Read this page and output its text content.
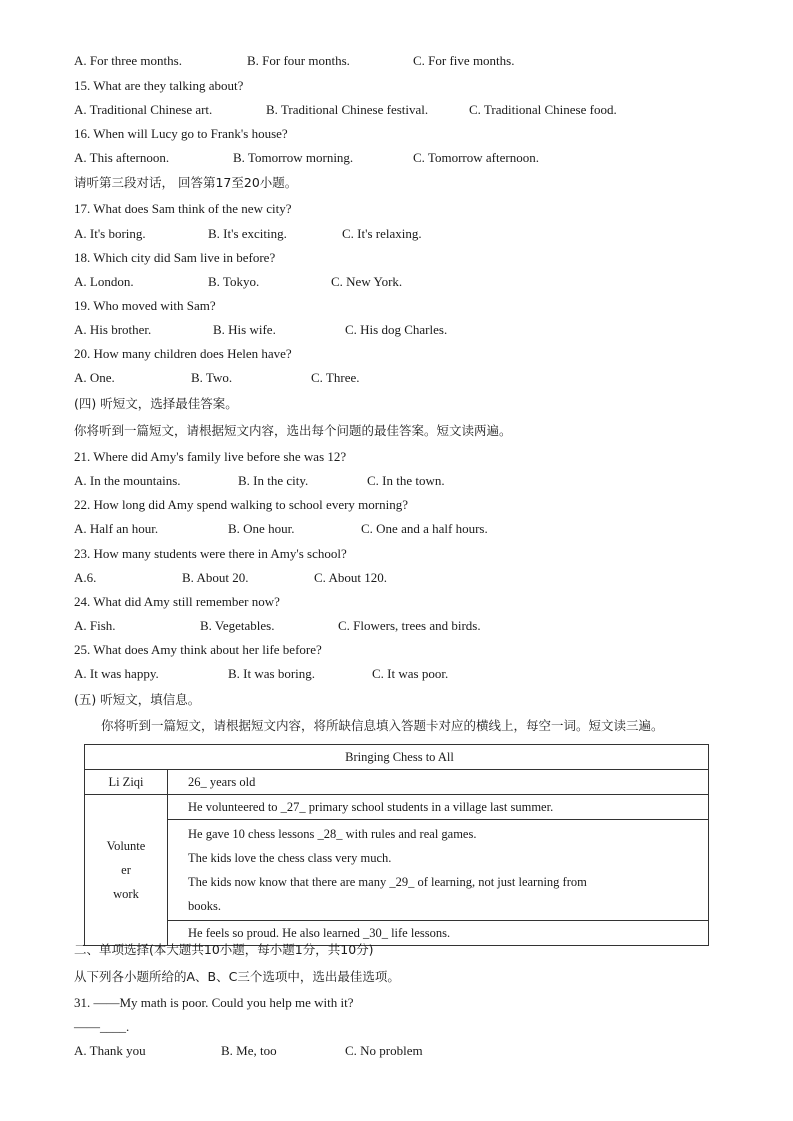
A. For three months.	B. For four months.	C. For five months.
15. What are they talking about?
A. Traditional Chinese art.	B. Traditional Chinese festival.	C. Traditional Chinese food.
16. When will Lucy go to Frank's house?
A. This afternoon.	B. Tomorrow morning.	C. Tomorrow afternoon.
请听第三段对话， 回答第17至20小题。
17. What does Sam think of the new city?
A. It's boring.	B. It's exciting.	C. It's relaxing.
18. Which city did Sam live in before?
A. London.	B. Tokyo.	C. New York.
19. Who moved with Sam?
A. His brother.	B. His wife.	C. His dog Charles.
20. How many children does Helen have?
A. One.	B. Two.	C. Three.
(四) 听短文，选择最佳答案。
你将听到一篇短文，请根据短文内容，选出每个问题的最佳答案。短文读两遍。
21. Where did Amy's family live before she was 12?
A. In the mountains.	B. In the city.	C. In the town.
22. How long did Amy spend walking to school every morning?
A. Half an hour.	B. One hour.	C. One and a half hours.
23. How many students were there in Amy's school?
A.6.	B. About 20.	C. About 120.
24. What did Amy still remember now?
A. Fish.	B. Vegetables.	C. Flowers, trees and birds.
25. What does Amy think about her life before?
A. It was happy.	B. It was boring.	C. It was poor.
(五) 听短文，填信息。
你将听到一篇短文，请根据短文内容，将所缺信息填入答题卡对应的横线上，每空一词。短文读三遍。
Bringing Chess to All	
Li Ziqi	26_ years old

Volunte
er
work	He volunteered to _27_ primary school students in a village last summer.

	He gave 10 chess lessons _28_ with rules and real games.
The kids love the chess class very much.
The kids now know that there are many _29_ of learning, not just learning from
books.

	He feels so proud. He also learned _30_ life lessons.
二、单项选择(本大题共10小题，每小题1分，共10分)
从下列各小题所给的A、B、C三个选项中，选出最佳选项。
31. ——My math is poor. Could you help me with it?
——____.
A. Thank you	B. Me, too	C. No problem
